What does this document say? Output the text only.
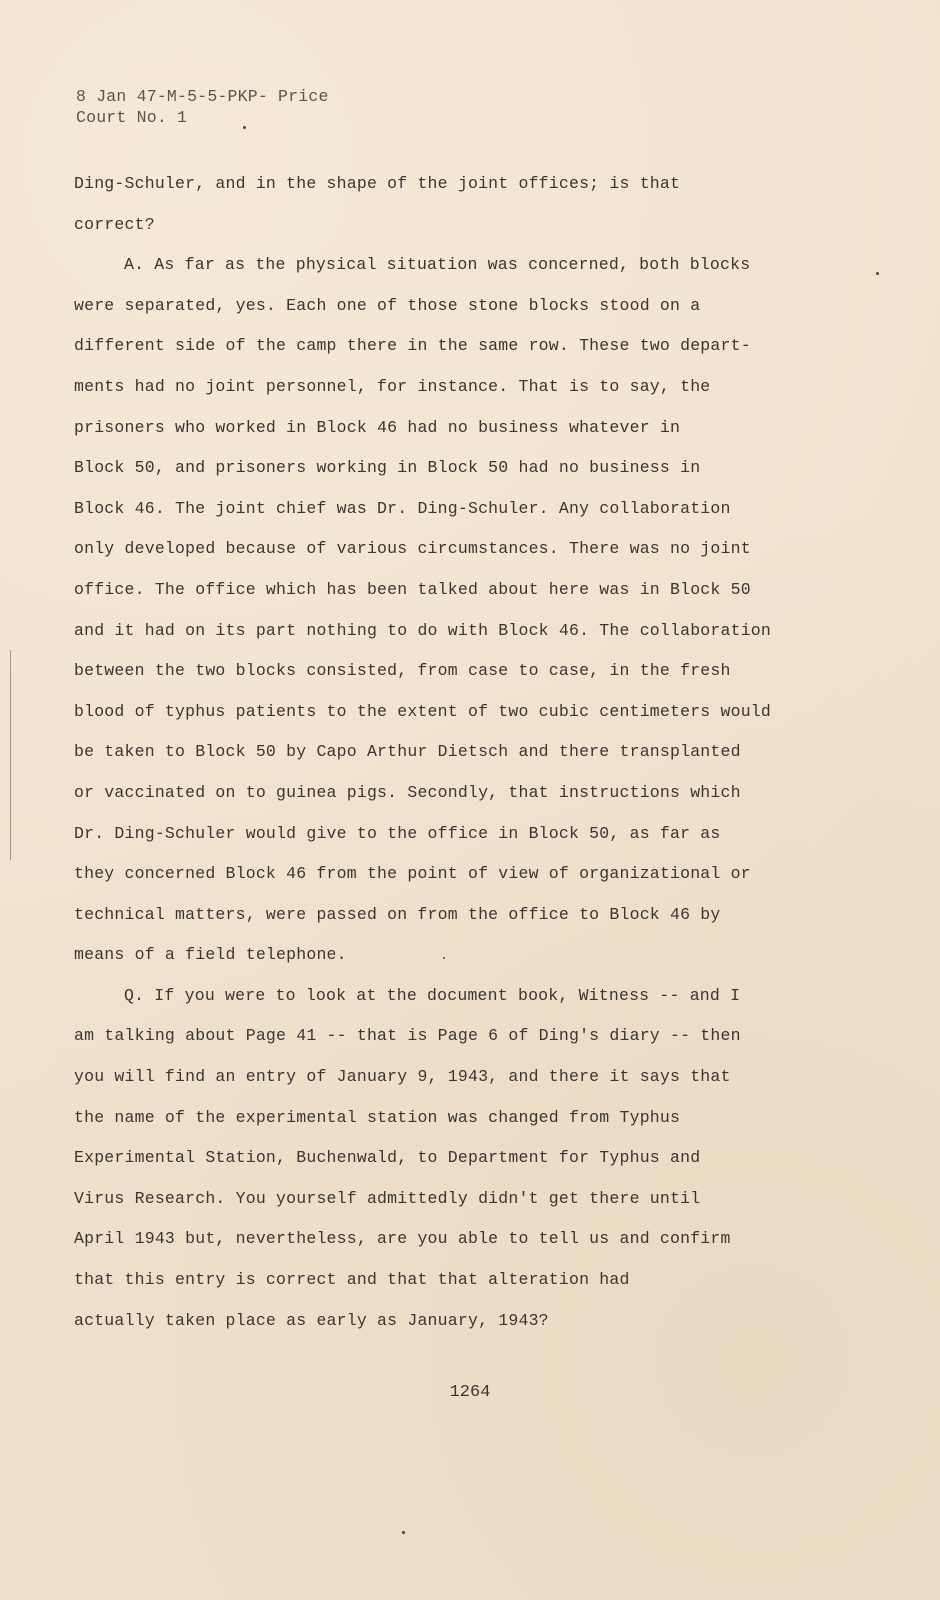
8 Jan 47-M-5-5-PKP- Price
Court No. 1
Ding-Schuler, and in the shape of the joint offices; is that
correct?
A. As far as the physical situation was concerned, both blocks
were separated, yes. Each one of those stone blocks stood on a
different side of the camp there in the same row. These two depart-
ments had no joint personnel, for instance. That is to say, the
prisoners who worked in Block 46 had no business whatever in
Block 50, and prisoners working in Block 50 had no business in
Block 46. The joint chief was Dr. Ding-Schuler. Any collaboration
only developed because of various circumstances. There was no joint
office. The office which has been talked about here was in Block 50
and it had on its part nothing to do with Block 46. The collaboration
between the two blocks consisted, from case to case, in the fresh
blood of typhus patients to the extent of two cubic centimeters would
be taken to Block 50 by Capo Arthur Dietsch and there transplanted
or vaccinated on to guinea pigs. Secondly, that instructions which
Dr. Ding-Schuler would give to the office in Block 50, as far as
they concerned Block 46 from the point of view of organizational or
technical matters, were passed on from the office to Block 46 by
means of a field telephone.
Q. If you were to look at the document book, Witness -- and I
am talking about Page 41 -- that is Page 6 of Ding's diary -- then
you will find an entry of January 9, 1943, and there it says that
the name of the experimental station was changed from Typhus
Experimental Station, Buchenwald, to Department for Typhus and
Virus Research. You yourself admittedly didn't get there until
April 1943 but, nevertheless, are you able to tell us and confirm
that this entry is correct and that that alteration had
actually taken place as early as January, 1943?
1264
